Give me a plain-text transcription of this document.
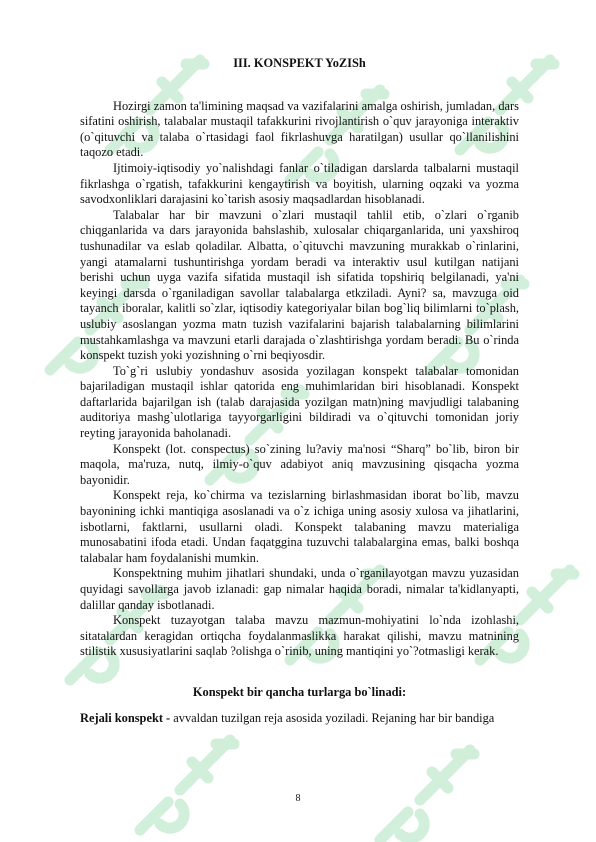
III. KONSPEKT YoZISh

Hozirgi zamon ta'limining maqsad va vazifalarini amalga oshirish, jumladan, dars sifatini oshirish, talabalar mustaqil tafakkurini rivojlantirish o`quv jarayoniga interaktiv (o`qituvchi va talaba o`rtasidagi faol fikrlashuvga haratilgan) usullar qo`llanilishini taqozo etadi.

Ijtimoiy-iqtisodiy yo`nalishdagi fanlar o`tiladigan darslarda talbalarni mustaqil fikrlashga o`rgatish, tafakkurini kengaytirish va boyitish, ularning oqzaki va yozma savodxonliklari darajasini ko`tarish asosiy maqsadlardan hisoblanadi.

Talabalar har bir mavzuni o`zlari mustaqil tahlil etib, o`zlari o`rganib chiqganlarida va dars jarayonida bahslashib, xulosalar chiqarganlarida, uni yaxshiroq tushunadilar va eslab qoladilar. Albatta, o`qituvchi mavzuning murakkab o`rinlarini, yangi atamalarni tushuntirishga yordam beradi va interaktiv usul kutilgan natijani berishi uchun uyga vazifa sifatida mustaqil ish sifatida topshiriq belgilanadi, ya'ni keyingi darsda o`rganiladigan savollar talabalarga etkziladi. Ayni? sa, mavzuga oid tayanch iboralar, kalitli so`zlar, iqtisodiy kategoriyalar bilan bog`liq bilimlarni to`plash, uslubiy asoslangan yozma matn tuzish vazifalarini bajarish talabalarning bilimlarini mustahkamlashga va mavzuni etarli darajada o`zlashtirishga yordam beradi. Bu o`rinda konspekt tuzish yoki yozishning o`rni beqiyosdir.

To`g`ri uslubiy yondashuv asosida yozilagan konspekt talabalar tomonidan bajariladigan mustaqil ishlar qatorida eng muhimlaridan biri hisoblanadi. Konspekt daftarlarida bajarilgan ish (talab darajasida yozilgan matn)ning mavjudligi talabaning auditoriya mashg`ulotlariga tayyorgarligini bildiradi va o`qituvchi tomonidan joriy reyting jarayonida baholanadi.

Konspekt (lot. conspectus) so`zining lu?aviy ma'nosi “Sharq” bo`lib, biron bir maqola, ma'ruza, nutq, ilmiy-o`quv adabiyot aniq mavzusining qisqacha yozma bayonidir.

Konspekt reja, ko`chirma va tezislarning birlashmasidan iborat bo`lib, mavzu bayonining ichki mantiqiga asoslanadi va o`z ichiga uning asosiy xulosa va jihatlarini, isbotlarni, faktlarni, usullarni oladi. Konspekt talabaning mavzu materialiga munosabatini ifoda etadi. Undan faqatggina tuzuvchi talabalargina emas, balki boshqa talabalar ham foydalanishi mumkin.

Konspektning muhim jihatlari shundaki, unda o`rganilayotgan mavzu yuzasidan quyidagi savollarga javob izlanadi: gap nimalar haqida boradi, nimalar ta'kidlanyapti, dalillar qanday isbotlanadi.

Konspekt tuzayotgan talaba mavzu mazmun-mohiyatini lo`nda izohlashi, sitatalardan keragidan ortiqcha foydalanmaslikka harakat qilishi, mavzu matnining stilistik xususiyatlarini saqlab ?olishga o`rinib, uning mantiqini yo`?otmasligi kerak.

Konspekt bir qancha turlarga bo`linadi:

Rejali konspekt - avvaldan tuzilgan reja asosida yoziladi. Rejaning har bir bandiga

8
